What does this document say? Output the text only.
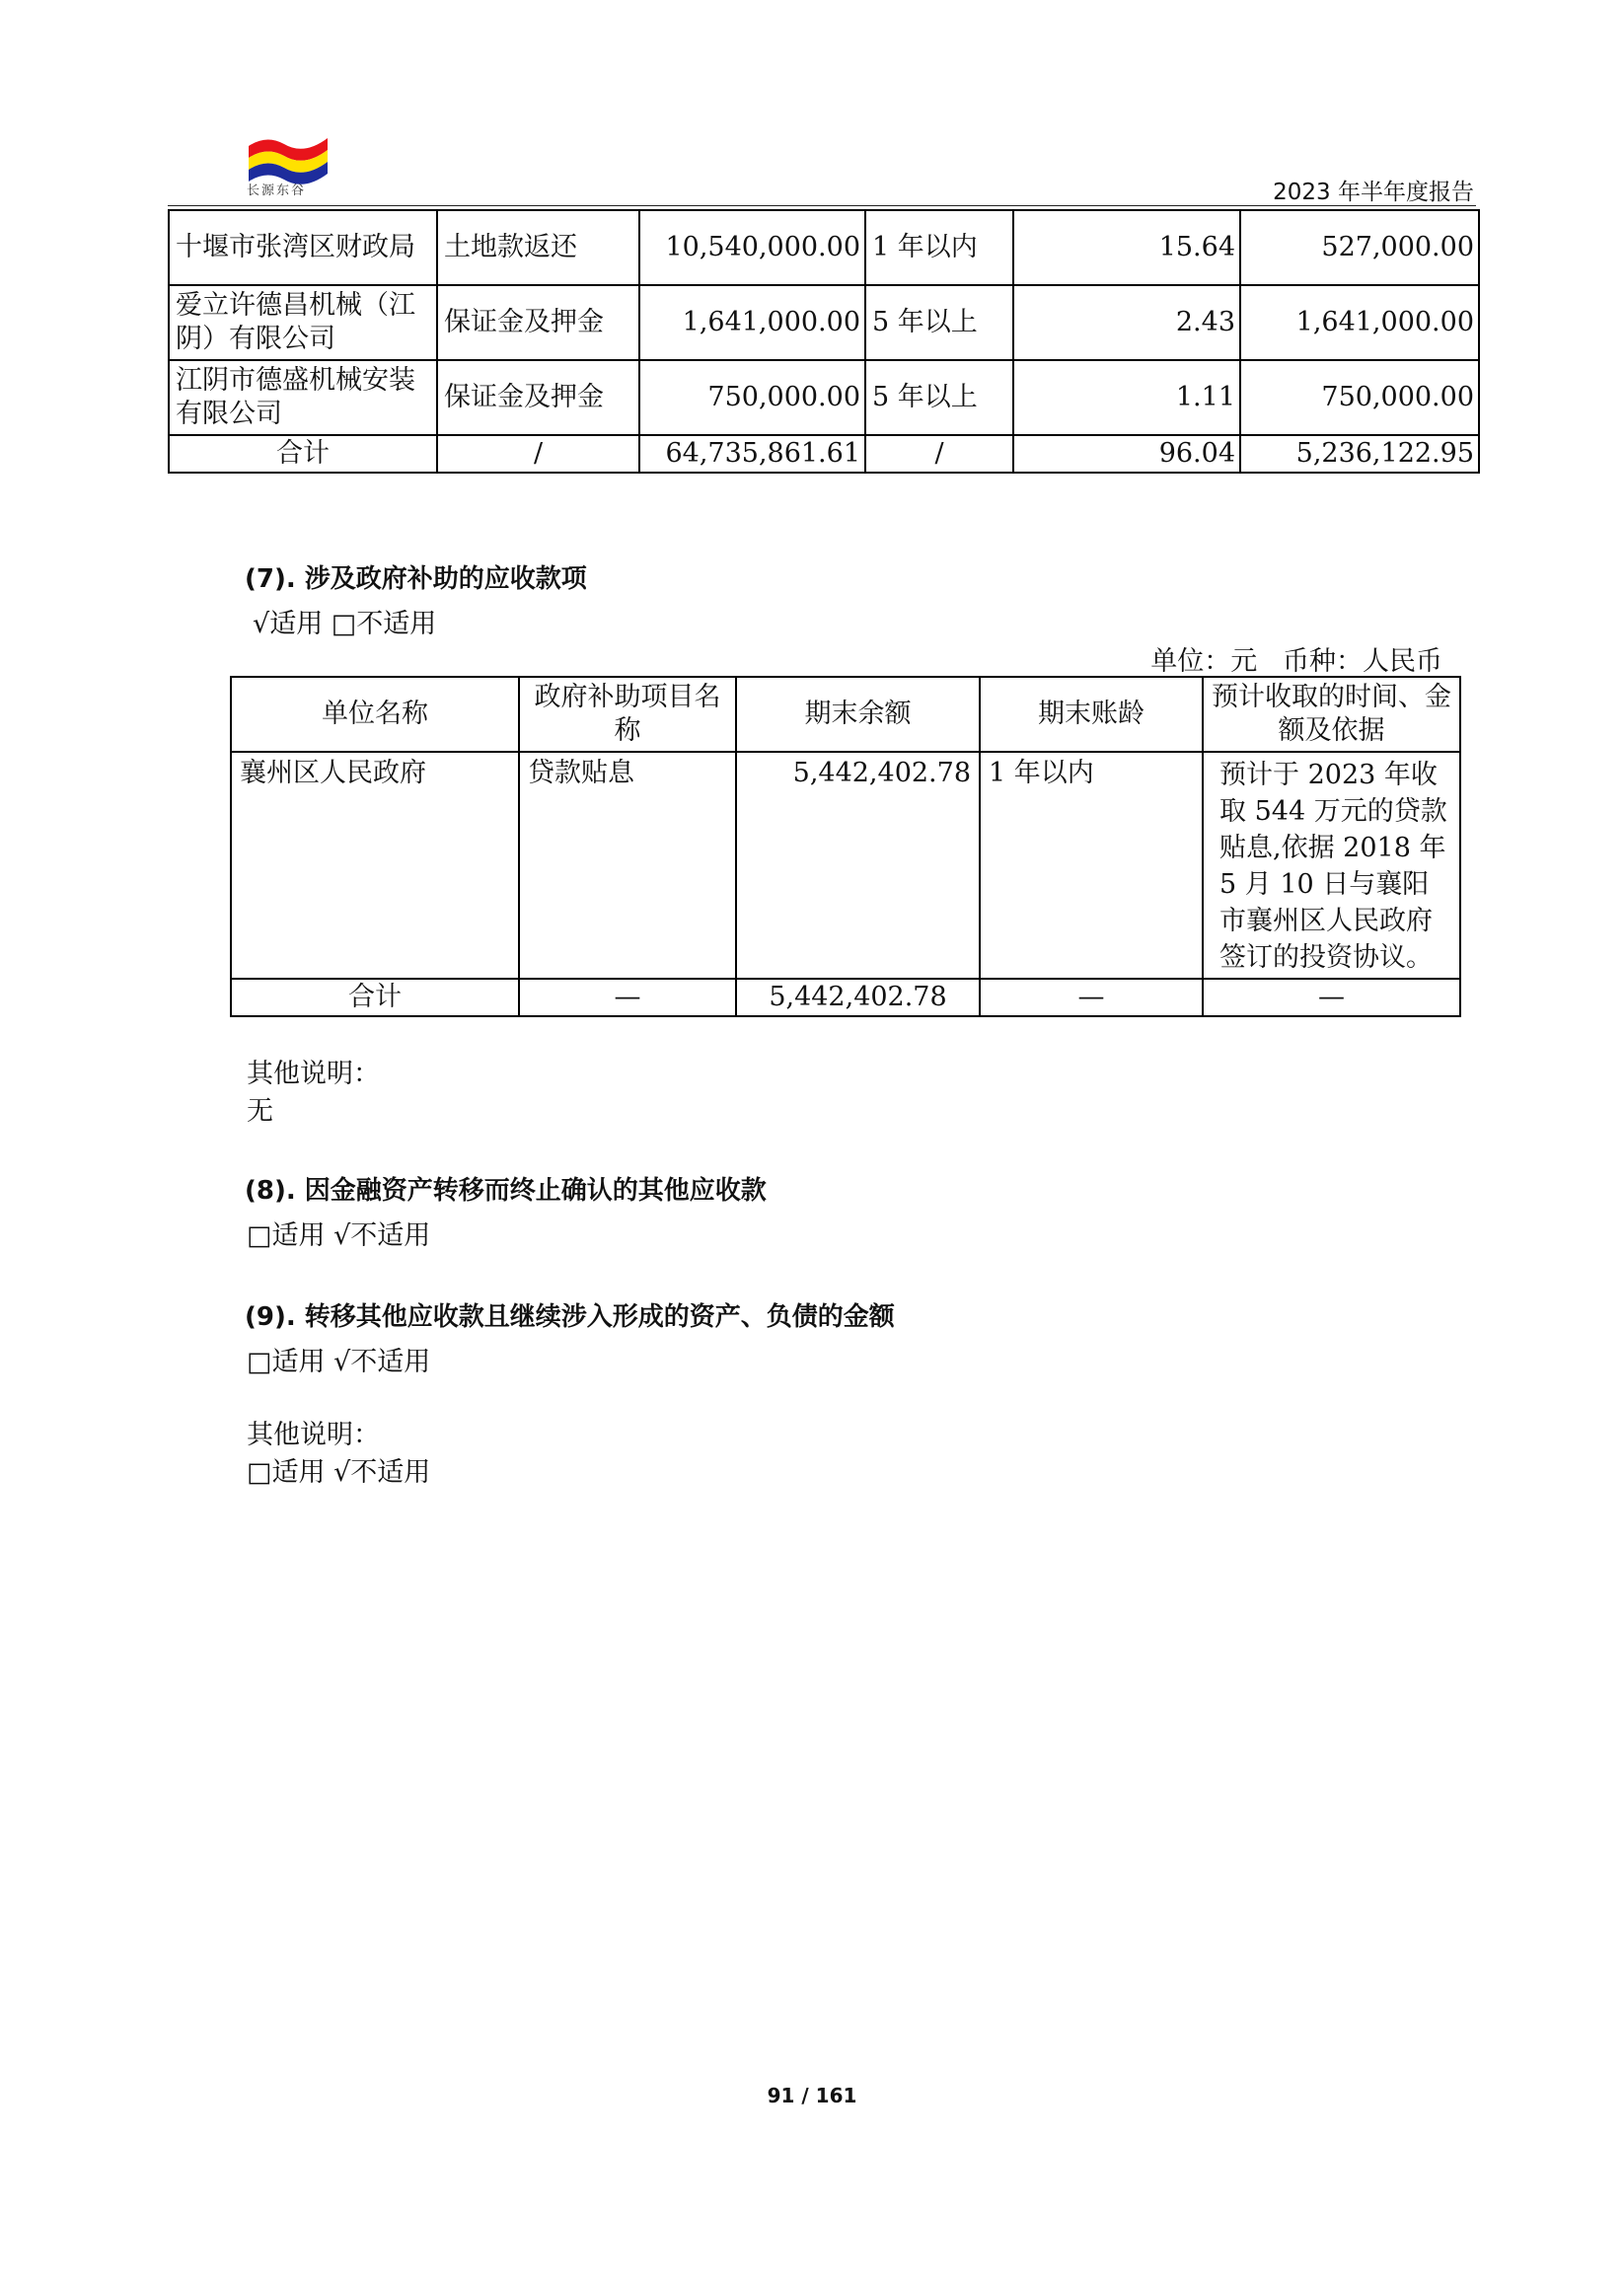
长源东谷	2023 年半年度报告
十堰市张湾区财政局	土地款返还	10,540,000.00	1 年以内	15.64	527,000.00
爱立许德昌机械（江阴）有限公司	保证金及押金	1,641,000.00	5 年以上	2.43	1,641,000.00
江阴市德盛机械安装有限公司	保证金及押金	750,000.00	5 年以上	1.11	750,000.00
合计	/	64,735,861.61	/	96.04	5,236,122.95
(7). 涉及政府补助的应收款项
√适用 □不适用
单位：元   币种：人民币
单位名称	政府补助项目名称	期末余额	期末账龄	预计收取的时间、金额及依据
襄州区人民政府	贷款贴息	5,442,402.78	1 年以内	预计于 2023 年收取 544 万元的贷款贴息,依据 2018 年 5 月 10 日与襄阳市襄州区人民政府签订的投资协议。
合计	—	5,442,402.78	—	—
其他说明：
无
(8). 因金融资产转移而终止确认的其他应收款
□适用 √不适用
(9). 转移其他应收款且继续涉入形成的资产、负债的金额
□适用 √不适用
其他说明：
□适用 √不适用
91 / 161
